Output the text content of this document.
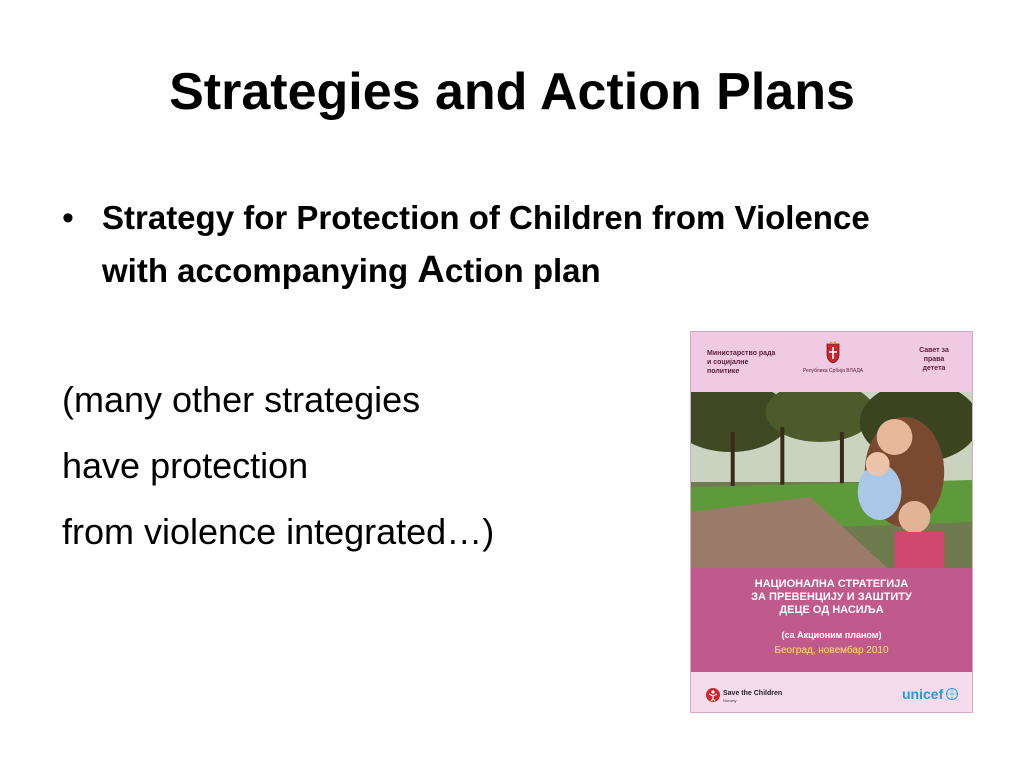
Strategies and Action Plans
• Strategy for Protection of Children from Violence with accompanying Action plan
(many other strategies
have protection
from violence integrated…)
Министарство рада и социјалне политике	Република Србија ВЛАДА
Савет за права детета
НАЦИОНАЛНА СТРАТЕГИЈА
ЗА ПРЕВЕНЦИЈУ И ЗАШТИТУ
ДЕЦЕ ОД НАСИЉА
(са Акционим планом)
Београд, новембар 2010
Save the Children
Norway	unicef
